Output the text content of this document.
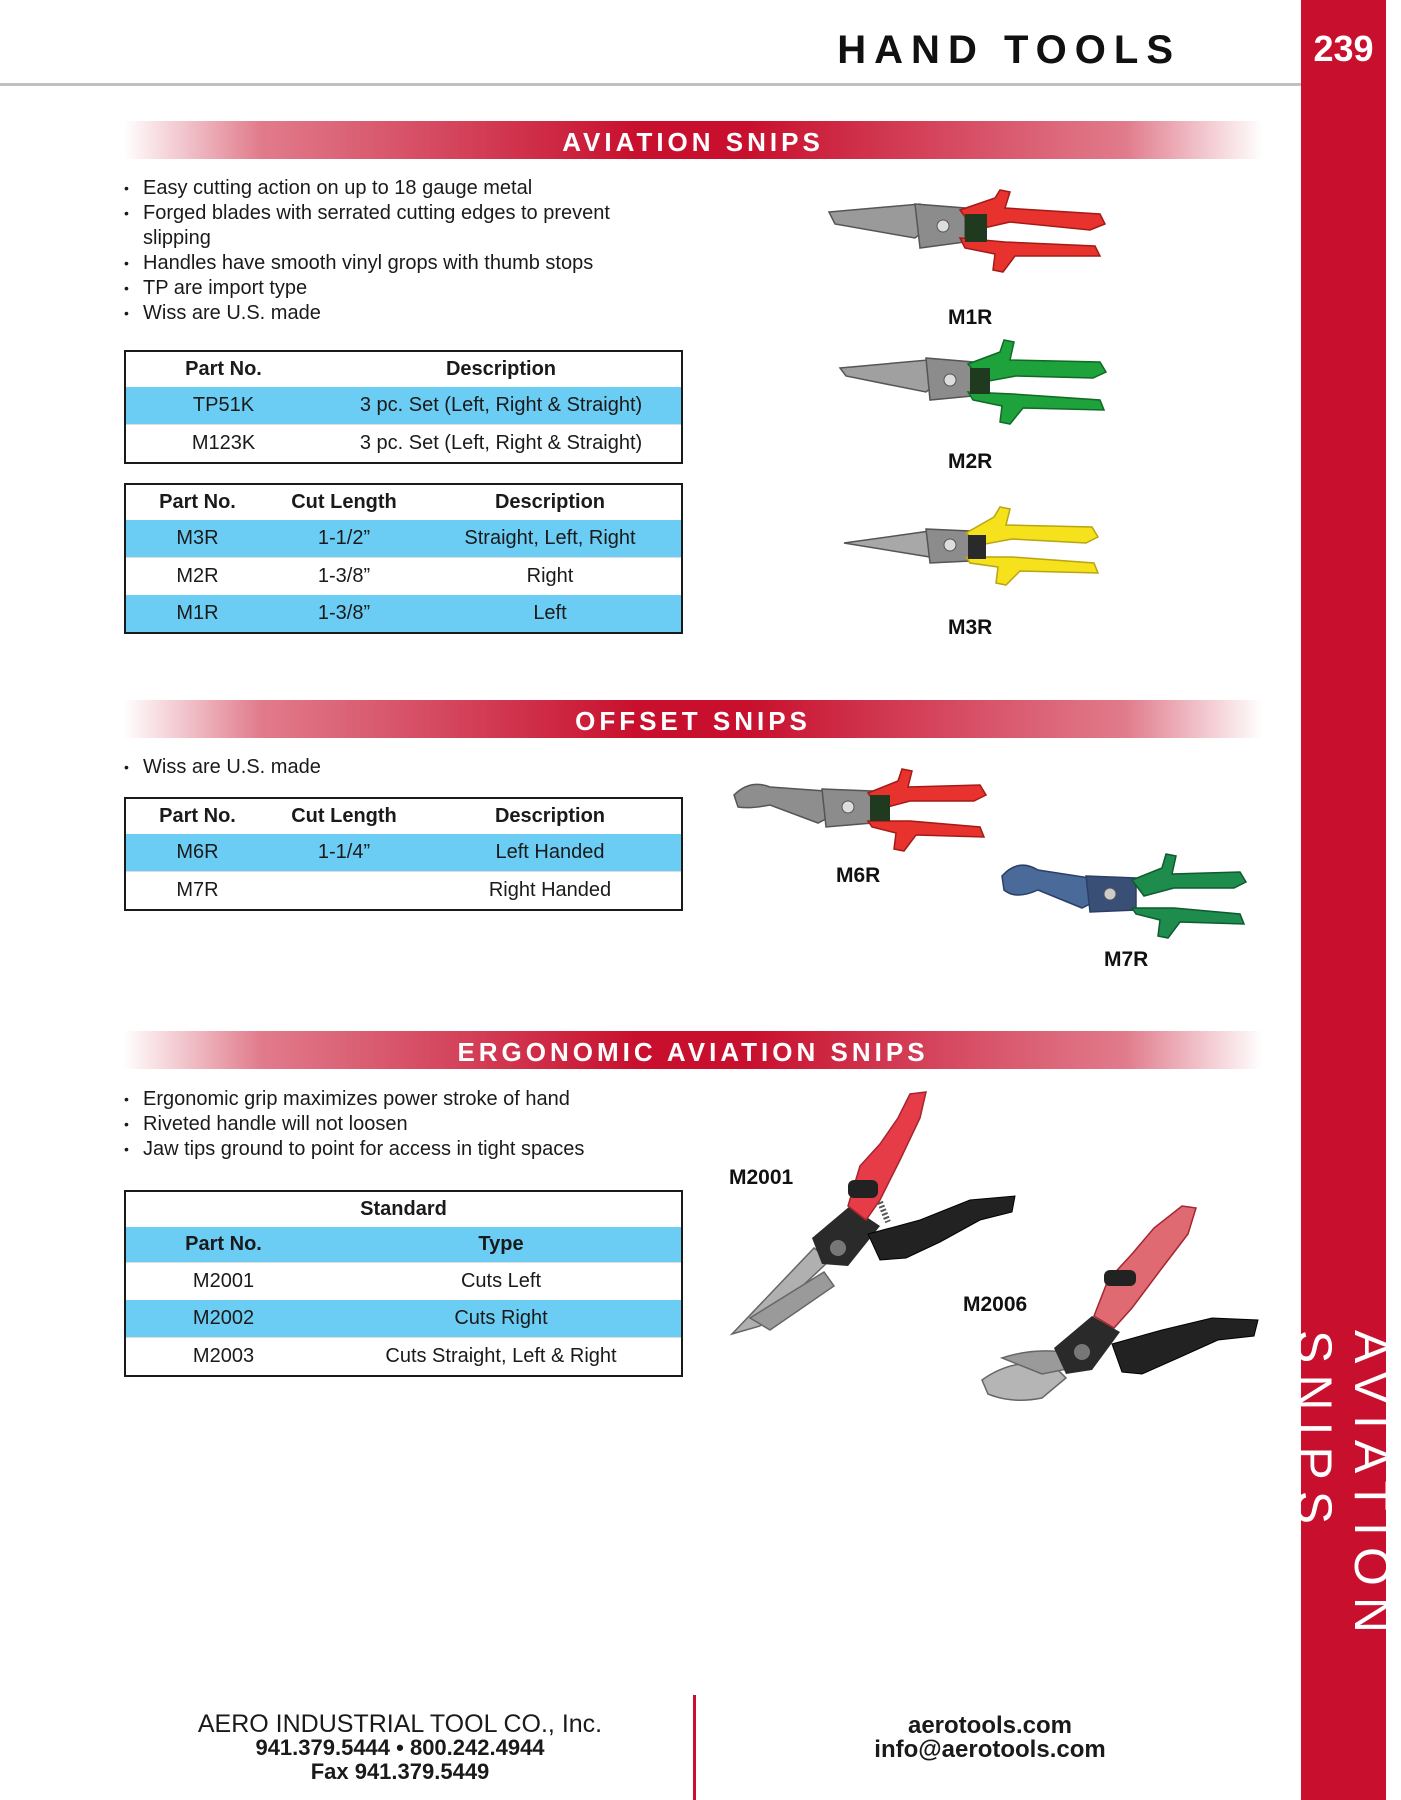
HAND TOOLS	239
AVIATION SNIPS
AVIATION SNIPS
• Easy cutting action on up to 18 gauge metal
• Forged blades with serrated cutting edges to prevent slipping
• Handles have smooth vinyl grops with thumb stops
• TP are import type
• Wiss are U.S. made
Part No.	Description
TP51K	3 pc. Set (Left, Right & Straight)
M123K	3 pc. Set (Left, Right & Straight)
Part No.	Cut Length	Description
M3R	1-1/2”	Straight, Left, Right
M2R	1-3/8”	Right
M1R	1-3/8”	Left
M1R
M2R
M3R
OFFSET SNIPS
• Wiss are U.S. made
Part No.	Cut Length	Description
M6R	1-1/4”	Left Handed
M7R		Right Handed
M6R
M7R
ERGONOMIC AVIATION SNIPS
• Ergonomic grip maximizes power stroke of hand
• Riveted handle will not loosen
• Jaw tips ground to point for access in tight spaces
Standard	
Part No.	Type
M2001	Cuts Left
M2002	Cuts Right
M2003	Cuts Straight, Left & Right
M2001
M2006
AERO INDUSTRIAL TOOL CO., Inc.
941.379.5444 • 800.242.4944
Fax 941.379.5449
aerotools.com
info@aerotools.com
